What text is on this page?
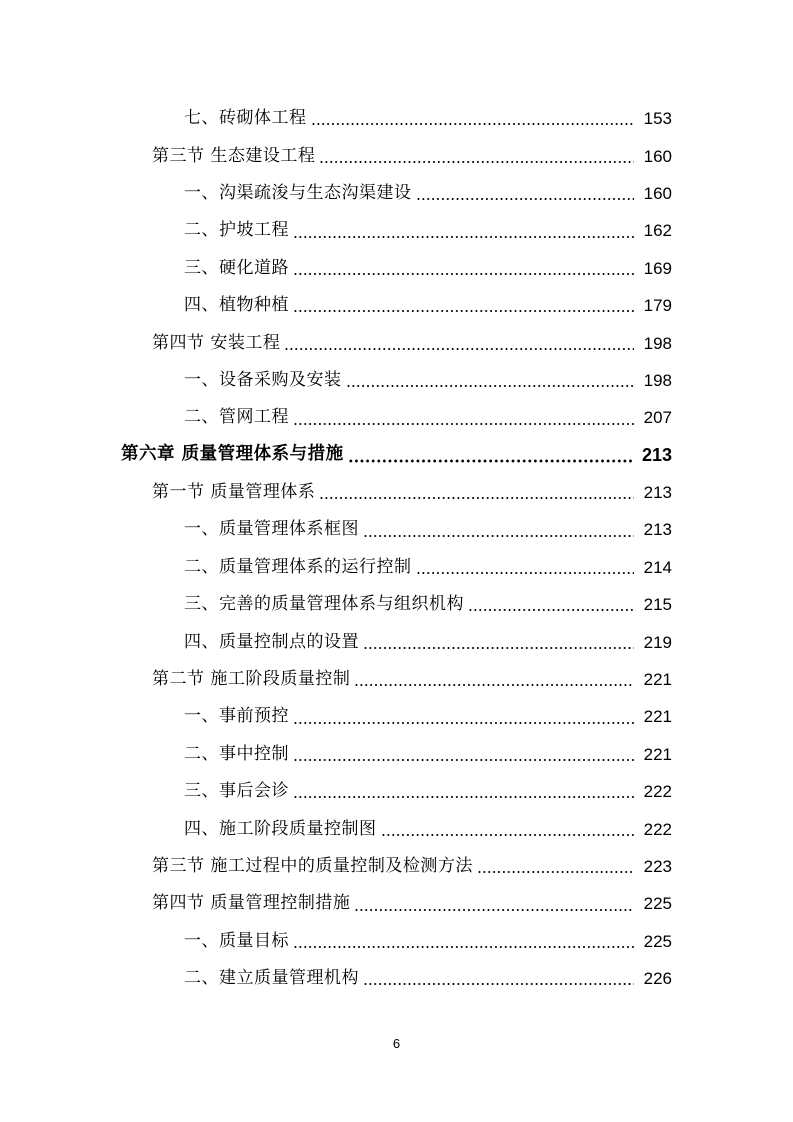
七、砖砌体工程	153
第三节 生态建设工程	160
一、沟渠疏浚与生态沟渠建设	160
二、护坡工程	162
三、硬化道路	169
四、植物种植	179
第四节 安装工程	198
一、设备采购及安装	198
二、管网工程	207
第六章 质量管理体系与措施	213
第一节 质量管理体系	213
一、质量管理体系框图	213
二、质量管理体系的运行控制	214
三、完善的质量管理体系与组织机构	215
四、质量控制点的设置	219
第二节 施工阶段质量控制	221
一、事前预控	221
二、事中控制	221
三、事后会诊	222
四、施工阶段质量控制图	222
第三节 施工过程中的质量控制及检测方法	223
第四节 质量管理控制措施	225
一、质量目标	225
二、建立质量管理机构	226
6
